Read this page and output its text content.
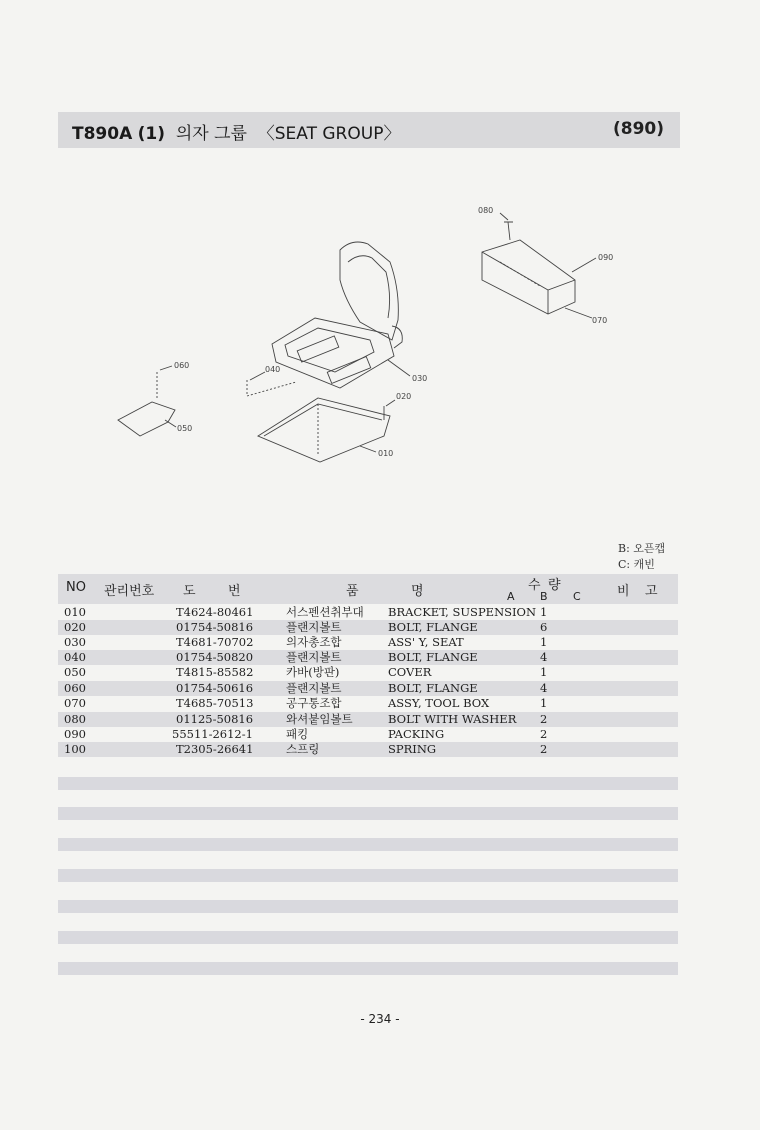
T890A (1) 의자 그룹 〈SEAT GROUP〉	(890)
080
090
070
060	040
030
020
050
010
B: 오픈캡
C: 캐빈
NO 관리번호 도 번	품	명	수 량
A B C	비 고
010	T4624-80461	서스펜션취부대 BRACKET, SUSPENSION 1
020	01754-50816	플랜지볼트	BOLT, FLANGE	6
030	T4681-70702	의자총조합	ASS' Y, SEAT	1
040	01754-50820	플랜지볼트	BOLT, FLANGE	4
050	T4815-85582	카바(방판)	COVER	1
060	01754-50616	플랜지볼트	BOLT, FLANGE	4
070	T4685-70513	공구통조합	ASSY, TOOL BOX	1
080	01125-50816	와셔붙임볼트	BOLT WITH WASHER 2
090	55511-2612-1	패킹	PACKING	2
100	T2305-26641	스프링	SPRING	2
- 234 -
